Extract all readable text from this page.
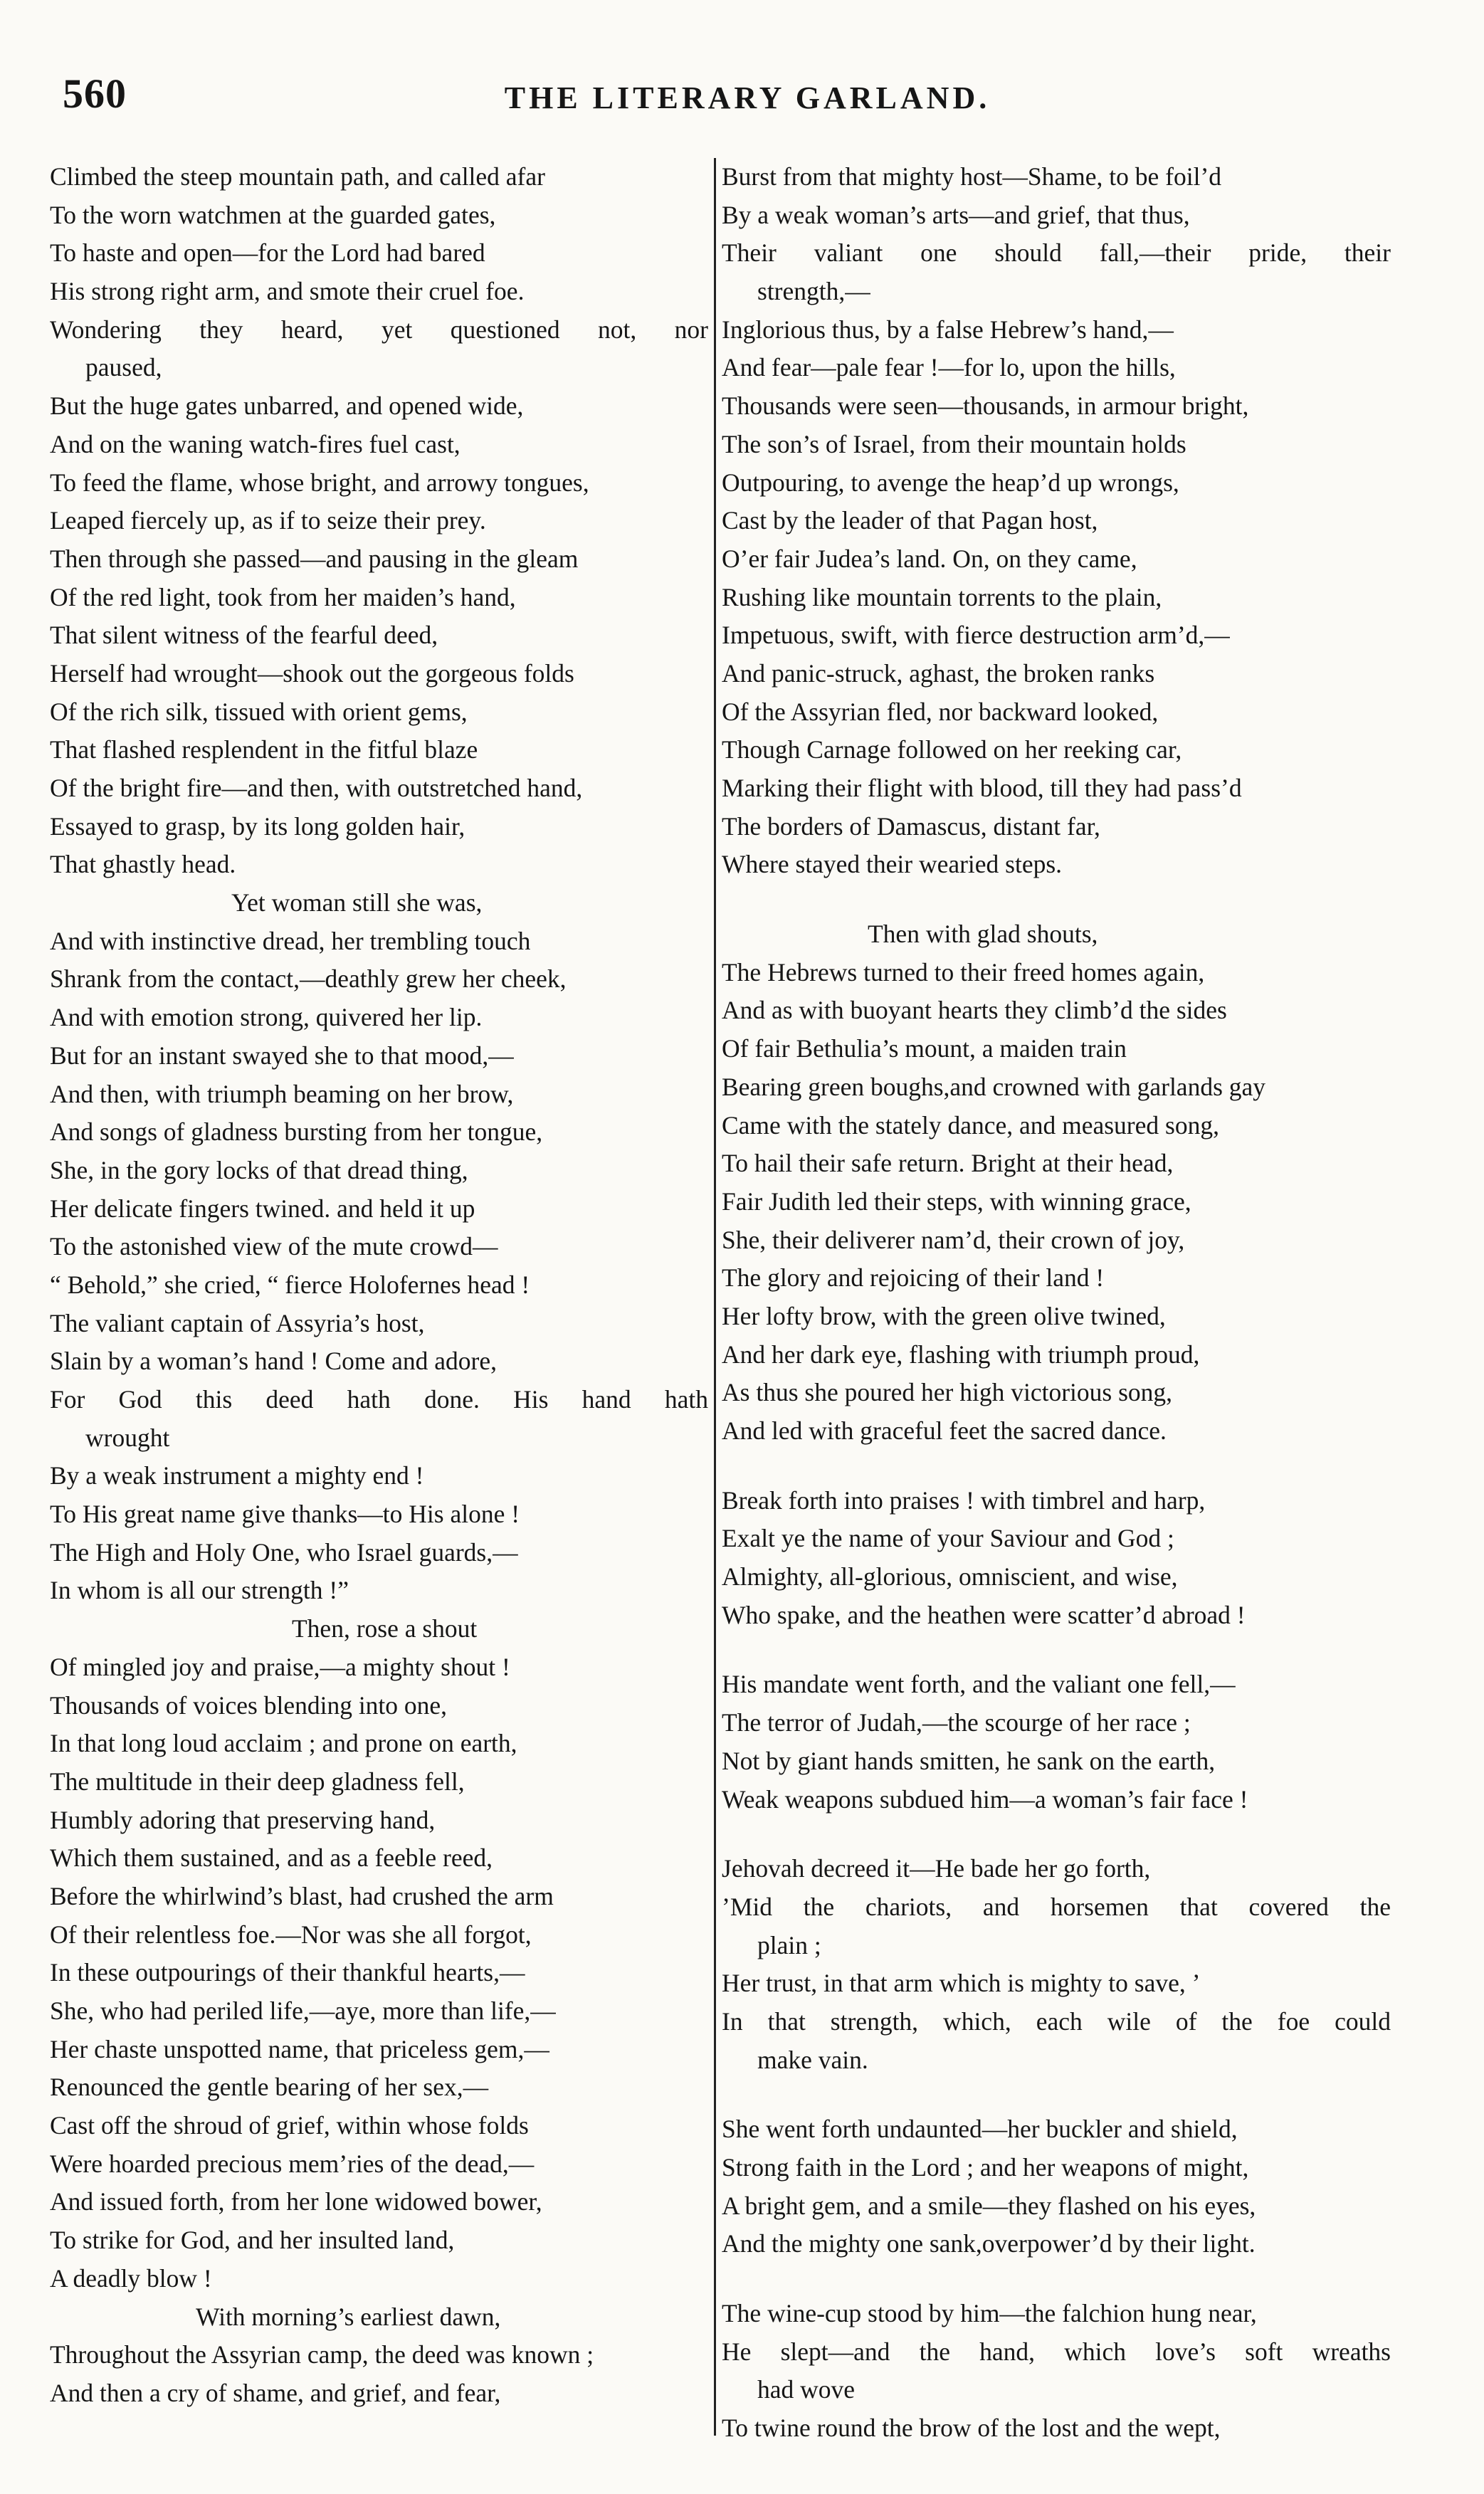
560	THE LITERARY GARLAND.
Climbed the steep mountain path, and called afar
To the worn watchmen at the guarded gates,
To haste and open—for the Lord had bared
His strong right arm, and smote their cruel foe.
Wondering they heard, yet questioned not, nor
paused,
But the huge gates unbarred, and opened wide,
And on the waning watch-fires fuel cast,
To feed the flame, whose bright, and arrowy tongues,
Leaped fiercely up, as if to seize their prey.
Then through she passed—and pausing in the gleam
Of the red light, took from her maiden’s hand,
That silent witness of the fearful deed,
Herself had wrought—shook out the gorgeous folds
Of the rich silk, tissued with orient gems,
That flashed resplendent in the fitful blaze
Of the bright fire—and then, with outstretched hand,
Essayed to grasp, by its long golden hair,
That ghastly head.
Yet woman still she was,
And with instinctive dread, her trembling touch
Shrank from the contact,—deathly grew her cheek,
And with emotion strong, quivered her lip.
But for an instant swayed she to that mood,—
And then, with triumph beaming on her brow,
And songs of gladness bursting from her tongue,
She, in the gory locks of that dread thing,
Her delicate fingers twined. and held it up
To the astonished view of the mute crowd—
“ Behold,” she cried, “ fierce Holofernes head !
The valiant captain of Assyria’s host,
Slain by a woman’s hand ! Come and adore,
For God this deed hath done. His hand hath
wrought
By a weak instrument a mighty end !
To His great name give thanks—to His alone !
The High and Holy One, who Israel guards,—
In whom is all our strength !”
Then, rose a shout
Of mingled joy and praise,—a mighty shout !
Thousands of voices blending into one,
In that long loud acclaim ; and prone on earth,
The multitude in their deep gladness fell,
Humbly adoring that preserving hand,
Which them sustained, and as a feeble reed,
Before the whirlwind’s blast, had crushed the arm
Of their relentless foe.—Nor was she all forgot,
In these outpourings of their thankful hearts,—
She, who had periled life,—aye, more than life,—
Her chaste unspotted name, that priceless gem,—
Renounced the gentle bearing of her sex,—
Cast off the shroud of grief, within whose folds
Were hoarded precious mem’ries of the dead,—
And issued forth, from her lone widowed bower,
To strike for God, and her insulted land,
A deadly blow !
With morning’s earliest dawn,
Throughout the Assyrian camp, the deed was known ;
And then a cry of shame, and grief, and fear,
Burst from that mighty host—Shame, to be foil’d
By a weak woman’s arts—and grief, that thus,
Their valiant one should fall,—their pride, their
strength,—
Inglorious thus, by a false Hebrew’s hand,—
And fear—pale fear !—for lo, upon the hills,
Thousands were seen—thousands, in armour bright,
The son’s of Israel, from their mountain holds
Outpouring, to avenge the heap’d up wrongs,
Cast by the leader of that Pagan host,
O’er fair Judea’s land. On, on they came,
Rushing like mountain torrents to the plain,
Impetuous, swift, with fierce destruction arm’d,—
And panic-struck, aghast, the broken ranks
Of the Assyrian fled, nor backward looked,
Though Carnage followed on her reeking car,
Marking their flight with blood, till they had pass’d
The borders of Damascus, distant far,
Where stayed their wearied steps.
Then with glad shouts,
The Hebrews turned to their freed homes again,
And as with buoyant hearts they climb’d the sides
Of fair Bethulia’s mount, a maiden train
Bearing green boughs,and crowned with garlands gay
Came with the stately dance, and measured song,
To hail their safe return. Bright at their head,
Fair Judith led their steps, with winning grace,
She, their deliverer nam’d, their crown of joy,
The glory and rejoicing of their land !
Her lofty brow, with the green olive twined,
And her dark eye, flashing with triumph proud,
As thus she poured her high victorious song,
And led with graceful feet the sacred dance.
Break forth into praises ! with timbrel and harp,
Exalt ye the name of your Saviour and God ;
Almighty, all-glorious, omniscient, and wise,
Who spake, and the heathen were scatter’d abroad !
His mandate went forth, and the valiant one fell,—
The terror of Judah,—the scourge of her race ;
Not by giant hands smitten, he sank on the earth,
Weak weapons subdued him—a woman’s fair face !
Jehovah decreed it—He bade her go forth,
’Mid the chariots, and horsemen that covered the
plain ;
Her trust, in that arm which is mighty to save, ’
In that strength, which, each wile of the foe could
make vain.
She went forth undaunted—her buckler and shield,
Strong faith in the Lord ; and her weapons of might,
A bright gem, and a smile—they flashed on his eyes,
And the mighty one sank,overpower’d by their light.
The wine-cup stood by him—the falchion hung near,
He slept—and the hand, which love’s soft wreaths
had wove
To twine round the brow of the lost and the wept,
